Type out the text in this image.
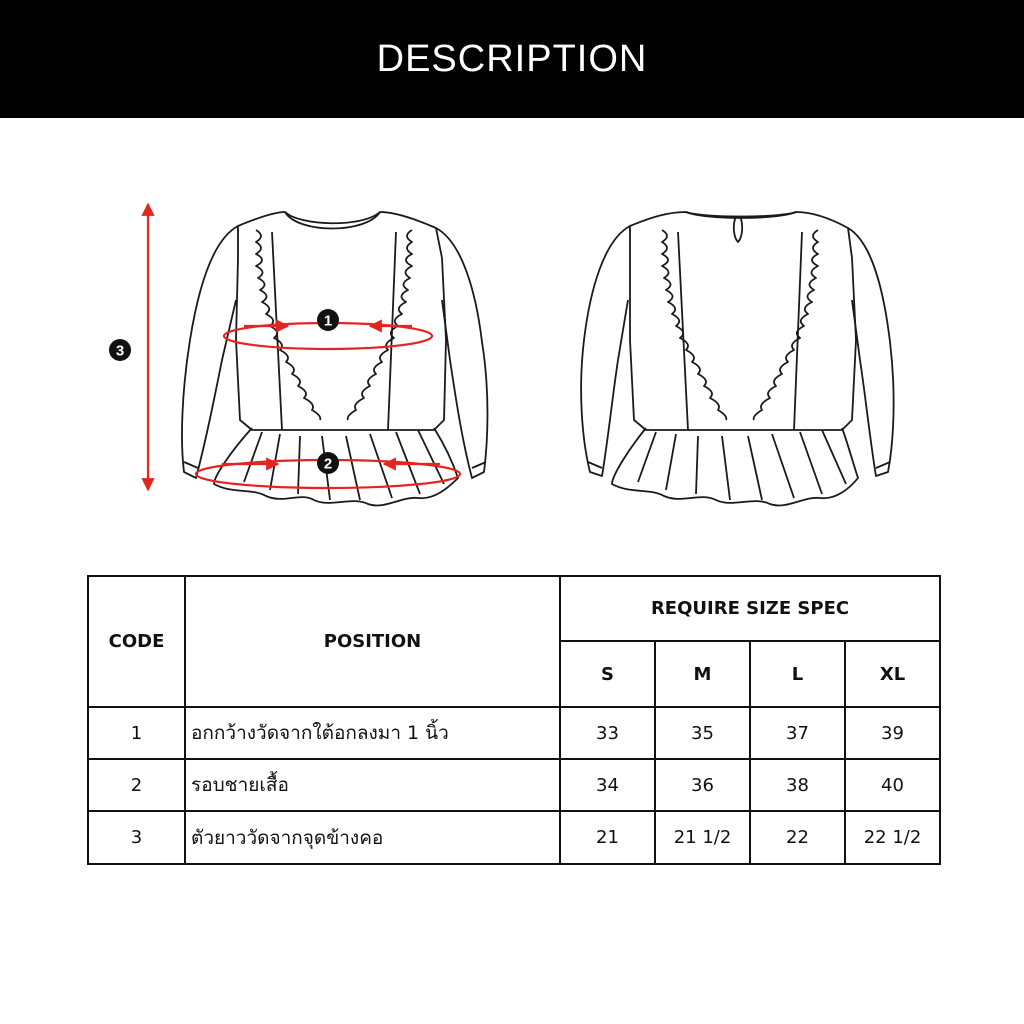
DESCRIPTION
3
1
2
CODE	POSITION	REQUIRE SIZE SPEC			
		S	M	L	XL
1	อกกว้างวัดจากใต้อกลงมา 1 นิ้ว	33	35	37	39
2	รอบชายเสื้อ	34	36	38	40
3	ตัวยาววัดจากจุดข้างคอ	21	21 1/2	22	22 1/2
